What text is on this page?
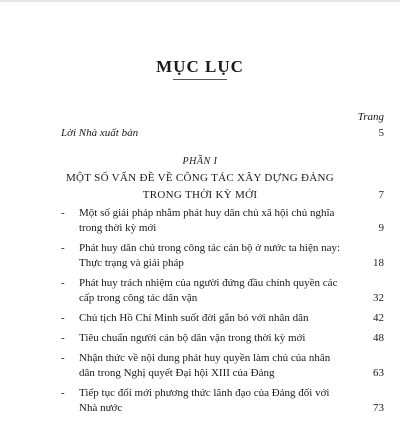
MỤC LỤC
Trang
Lời Nhà xuất bản	5
PHẦN I
MỘT SỐ VẤN ĐỀ VỀ CÔNG TÁC XÂY DỰNG ĐẢNG
TRONG THỜI KỲ MỚI	7
-	Một số giải pháp nhằm phát huy dân chủ xã hội chủ nghĩa trong thời kỳ mới	9
-	Phát huy dân chủ trong công tác cán bộ ở nước ta hiện nay: Thực trạng và giải pháp	18
-	Phát huy trách nhiệm của người đứng đầu chính quyền các cấp trong công tác dân vận	32
-	Chủ tịch Hồ Chí Minh suốt đời gắn bó với nhân dân	42
-	Tiêu chuẩn người cán bộ dân vận trong thời kỳ mới	48
-	Nhận thức về nội dung phát huy quyền làm chủ của nhân dân trong Nghị quyết Đại hội XIII của Đảng	63
-	Tiếp tục đổi mới phương thức lãnh đạo của Đảng đối với Nhà nước	73
